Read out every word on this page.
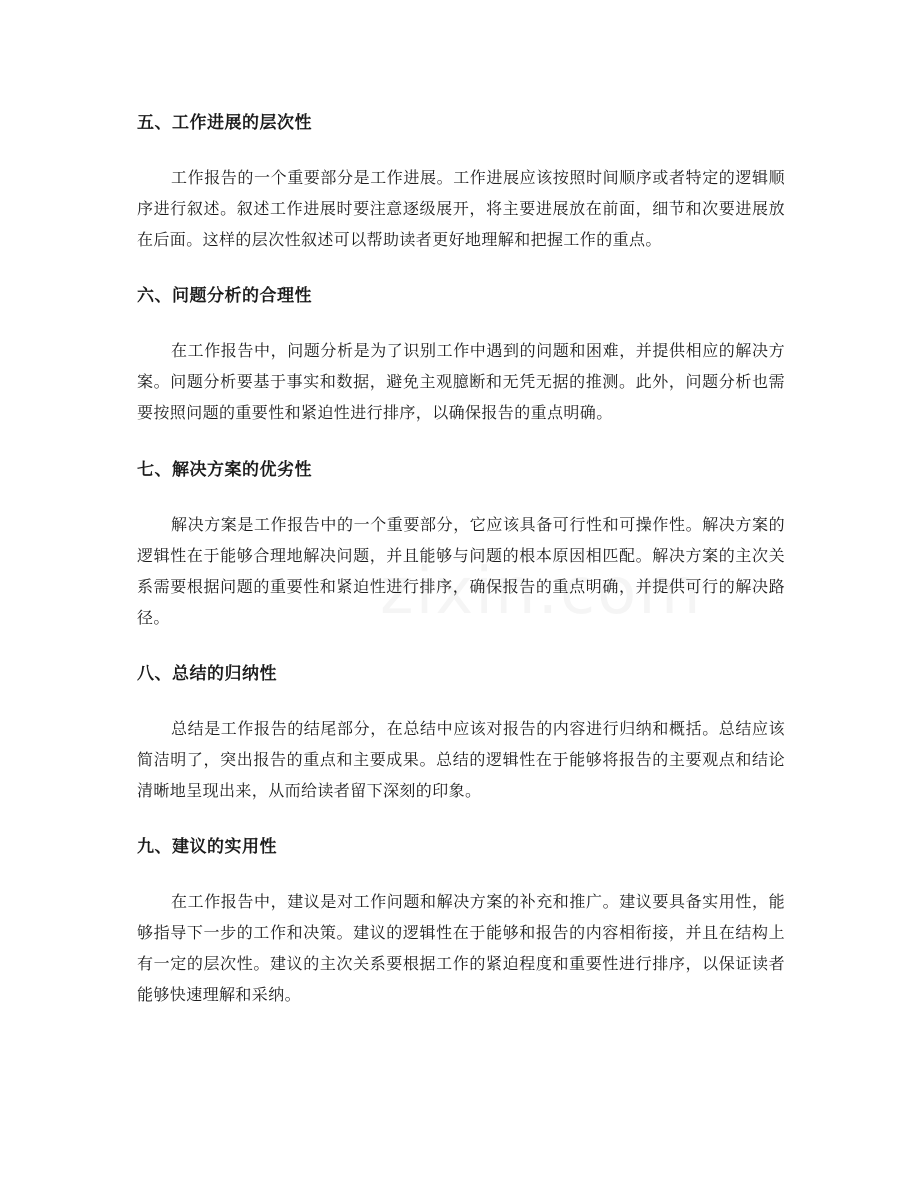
五、工作进展的层次性

工作报告的一个重要部分是工作进展。工作进展应该按照时间顺序或者特定的逻辑顺序进行叙述。叙述工作进展时要注意逐级展开，将主要进展放在前面，细节和次要进展放在后面。这样的层次性叙述可以帮助读者更好地理解和把握工作的重点。

六、问题分析的合理性

在工作报告中，问题分析是为了识别工作中遇到的问题和困难，并提供相应的解决方案。问题分析要基于事实和数据，避免主观臆断和无凭无据的推测。此外，问题分析也需要按照问题的重要性和紧迫性进行排序，以确保报告的重点明确。

七、解决方案的优劣性

解决方案是工作报告中的一个重要部分，它应该具备可行性和可操作性。解决方案的逻辑性在于能够合理地解决问题，并且能够与问题的根本原因相匹配。解决方案的主次关系需要根据问题的重要性和紧迫性进行排序，确保报告的重点明确，并提供可行的解决路径。

八、总结的归纳性

总结是工作报告的结尾部分，在总结中应该对报告的内容进行归纳和概括。总结应该简洁明了，突出报告的重点和主要成果。总结的逻辑性在于能够将报告的主要观点和结论清晰地呈现出来，从而给读者留下深刻的印象。

九、建议的实用性

在工作报告中，建议是对工作问题和解决方案的补充和推广。建议要具备实用性，能够指导下一步的工作和决策。建议的逻辑性在于能够和报告的内容相衔接，并且在结构上有一定的层次性。建议的主次关系要根据工作的紧迫程度和重要性进行排序，以保证读者能够快速理解和采纳。
